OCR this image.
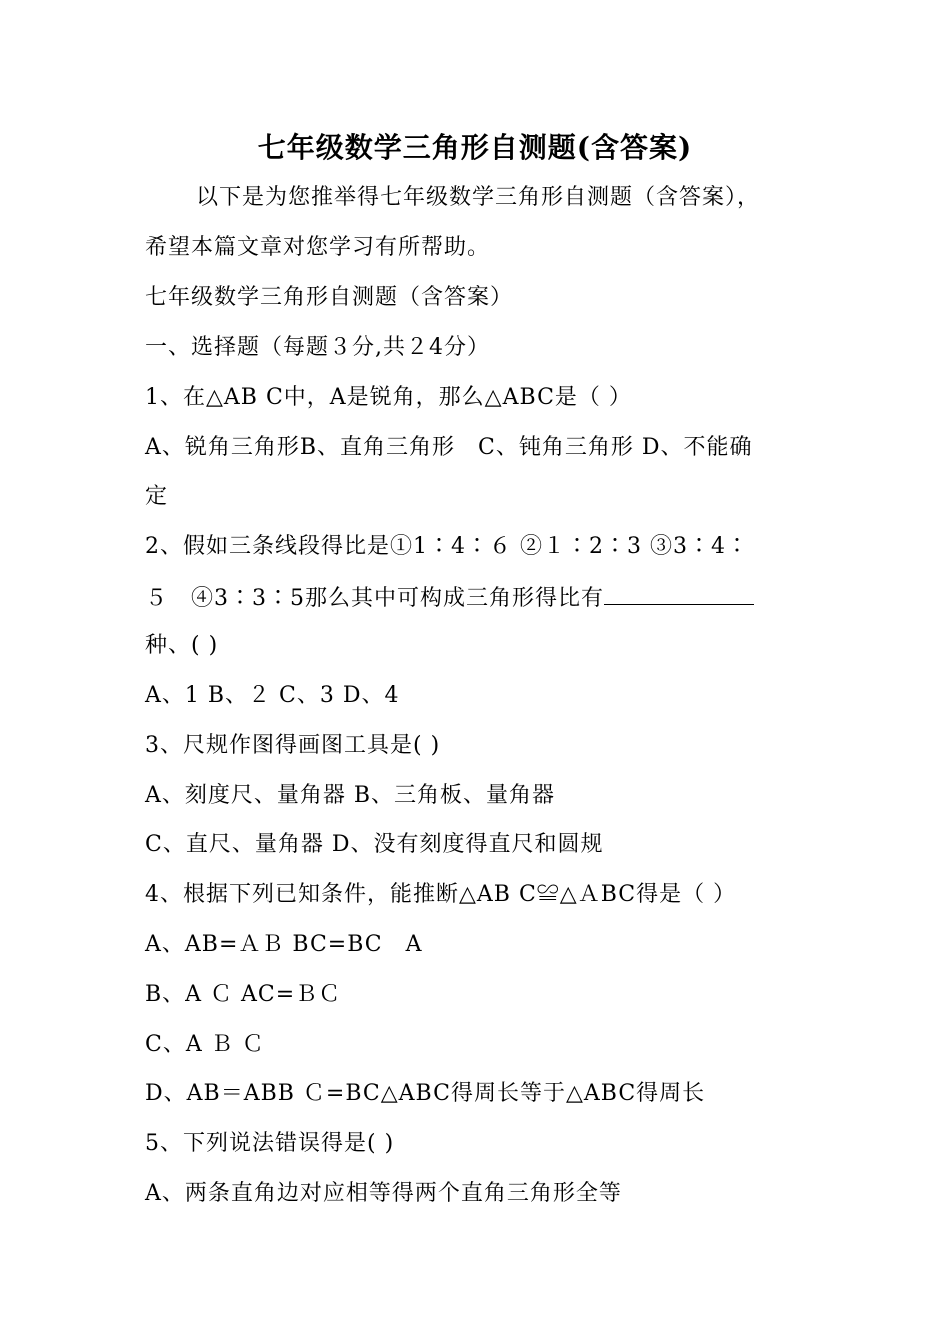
七年级数学三角形自测题(含答案)
以下是为您推举得七年级数学三角形自测题（含答案），
希望本篇文章对您学习有所帮助。
七年级数学三角形自测题（含答案）
一、选择题（每题３分,共２4分）
1、在△AB C中，A是锐角，那么△ABC是（ ）
A、锐角三角形B、直角三角形　C、钝角三角形 D、不能确
定
2、假如三条线段得比是①1∶4∶６ ②１∶2∶3 ③3∶4∶
５　④3∶3∶5那么其中可构成三角形得比有
种、( )
A、1 B、２ C、3 D、4
3、尺规作图得画图工具是( )
A、刻度尺、量角器 B、三角板、量角器
C、直尺、量角器 D、没有刻度得直尺和圆规
4、根据下列已知条件，能推断△AB C≌△ＡBC得是（ ）
A、AB=ＡＢ BC=BC　A
B、A Ｃ AC=ＢＣ
C、A Ｂ Ｃ
D、AB＝ABB Ｃ=BC△ABC得周长等于△ABC得周长
5、下列说法错误得是( )
A、两条直角边对应相等得两个直角三角形全等
